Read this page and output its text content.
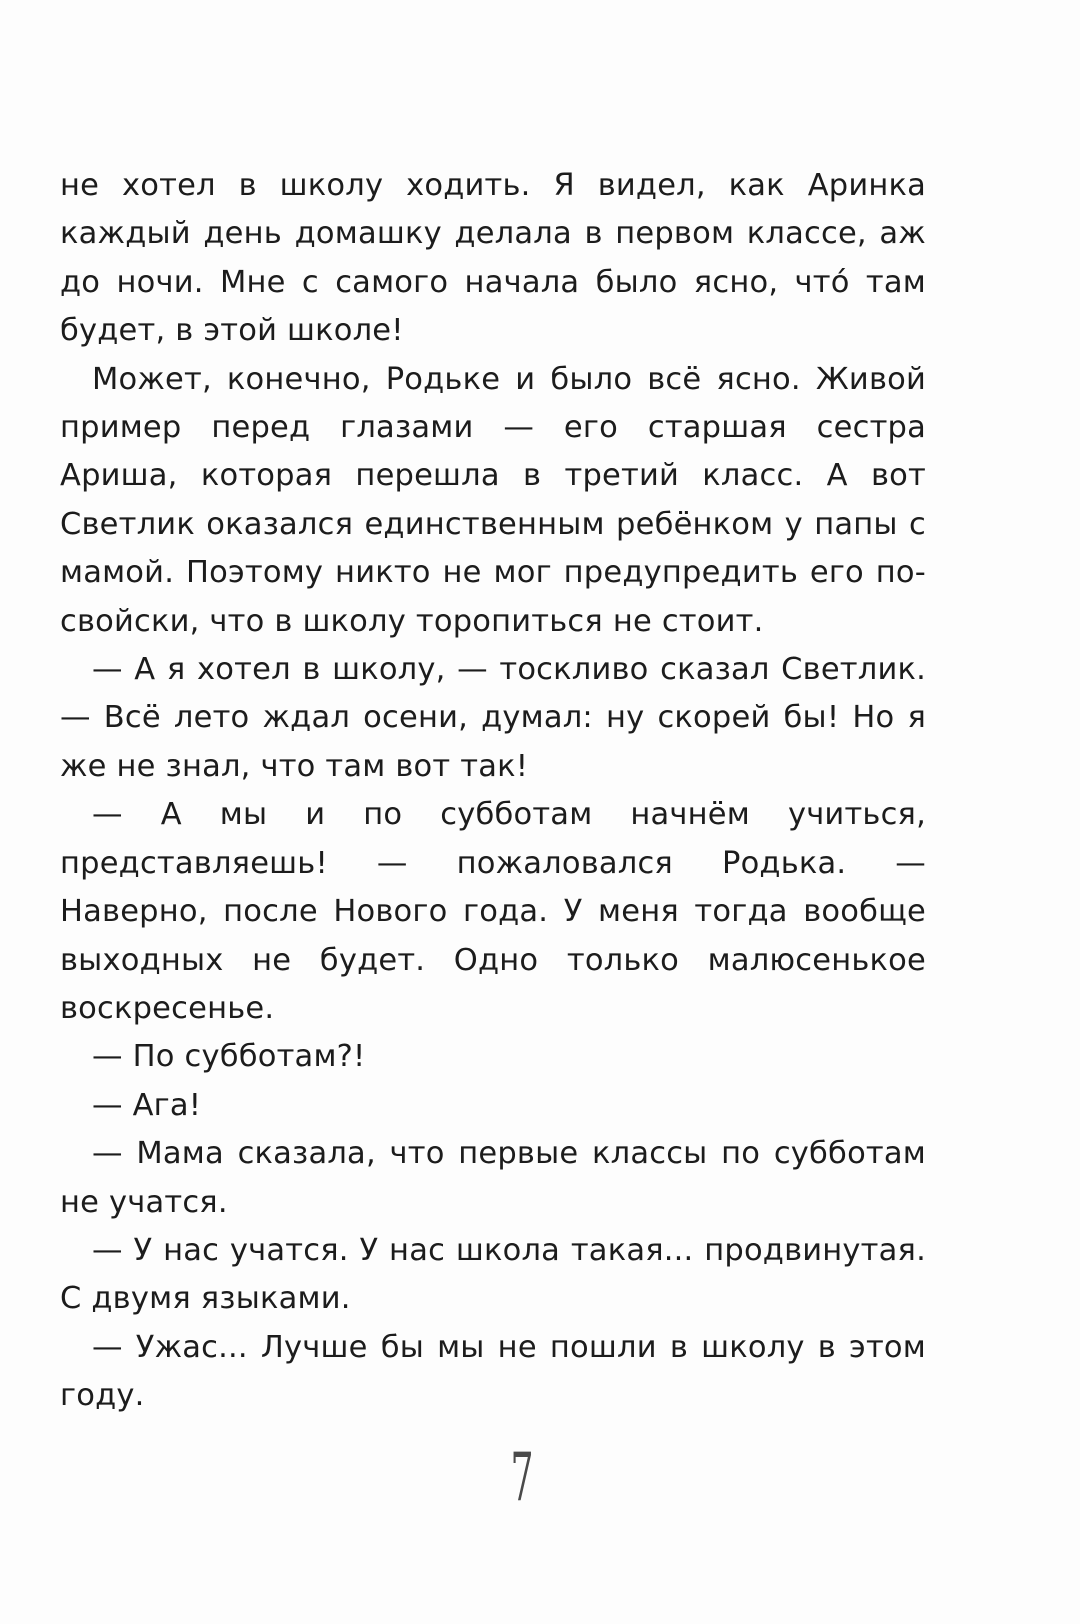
не хотел в школу ходить. Я видел, как Аринка каждый день домашку делала в первом классе, аж до ночи. Мне с самого начала было ясно, что́ там будет, в этой школе!

Может, конечно, Родьке и было всё ясно. Живой пример перед глазами — его старшая сестра Ариша, которая перешла в третий класс. А вот Светлик оказался единственным ребёнком у папы с мамой. Поэтому никто не мог предупредить его по-свойски, что в школу торопиться не стоит.

— А я хотел в школу, — тоскливо сказал Светлик. — Всё лето ждал осени, думал: ну скорей бы! Но я же не знал, что там вот так!

— А мы и по субботам начнём учиться, представляешь! — пожаловался Родька. — Наверно, после Нового года. У меня тогда вообще выходных не будет. Одно только малюсенькое воскресенье.

— По субботам?!

— Ага!

— Мама сказала, что первые классы по субботам не учатся.

— У нас учатся. У нас школа такая... продвинутая. С двумя языками.

— Ужас... Лучше бы мы не пошли в школу в этом году.

7
